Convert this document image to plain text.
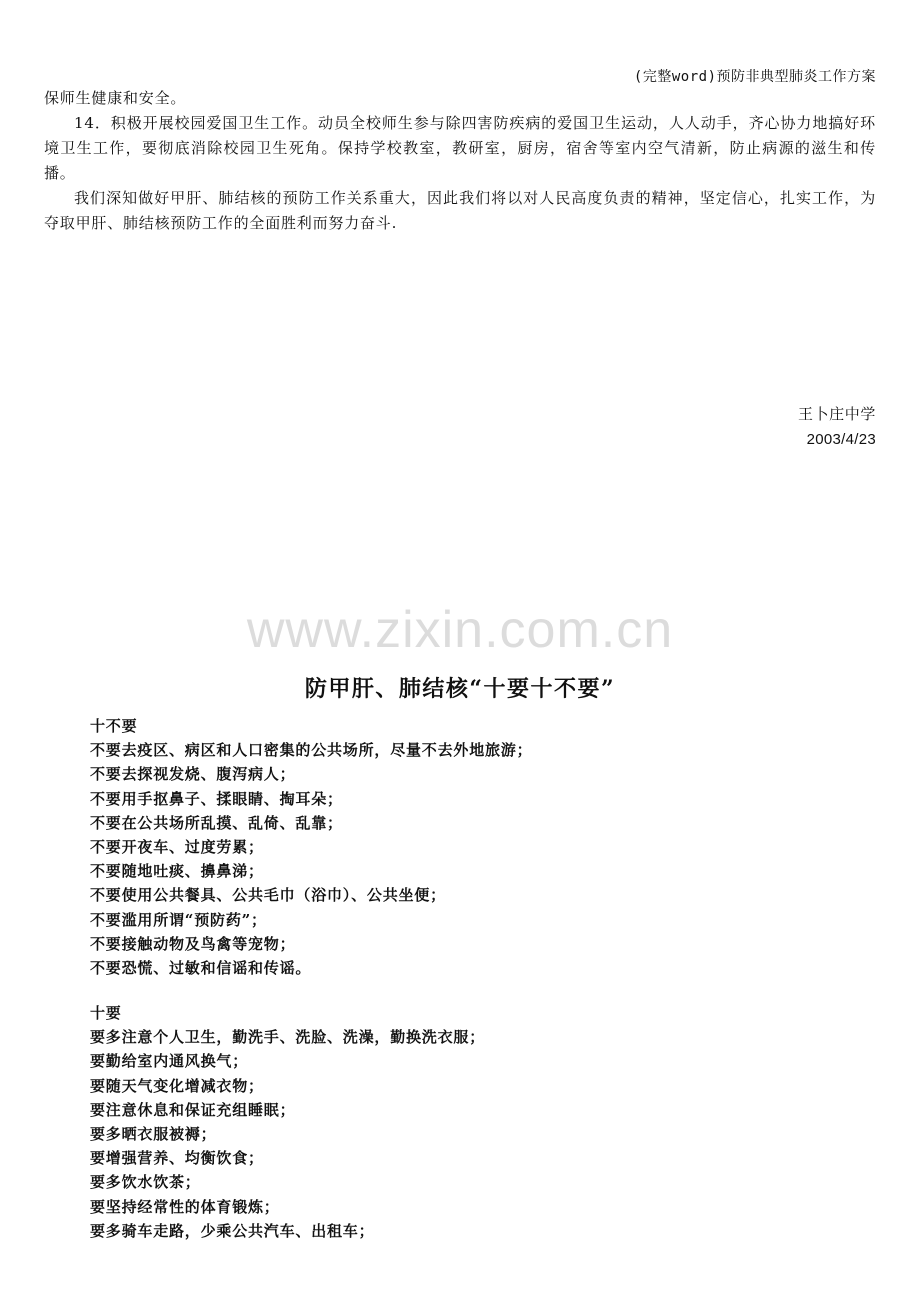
(完整word)预防非典型肺炎工作方案

保师生健康和安全。

14．积极开展校园爱国卫生工作。动员全校师生参与除四害防疾病的爱国卫生运动，人人动手，齐心协力地搞好环境卫生工作，要彻底消除校园卫生死角。保持学校教室，教研室，厨房，宿舍等室内空气清新，防止病源的滋生和传播。

我们深知做好甲肝、肺结核的预防工作关系重大，因此我们将以对人民高度负责的精神，坚定信心，扎实工作，为夺取甲肝、肺结核预防工作的全面胜利而努力奋斗.

王卜庄中学
2003/4/23
www.zixin.com.cn
防甲肝、肺结核“十要十不要”

十不要

不要去疫区、病区和人口密集的公共场所，尽量不去外地旅游；

不要去探视发烧、腹泻病人；

不要用手抠鼻子、揉眼睛、掏耳朵；

不要在公共场所乱摸、乱倚、乱靠；

不要开夜车、过度劳累；

不要随地吐痰、擤鼻涕；

不要使用公共餐具、公共毛巾（浴巾）、公共坐便；

不要滥用所谓“预防药”；

不要接触动物及鸟禽等宠物；

不要恐慌、过敏和信谣和传谣。

十要

要多注意个人卫生，勤洗手、洗脸、洗澡，勤换洗衣服；

要勤给室内通风换气；

要随天气变化增减衣物；

要注意休息和保证充组睡眠；

要多晒衣服被褥；

要增强营养、均衡饮食；

要多饮水饮茶；

要坚持经常性的体育锻炼；

要多骑车走路，少乘公共汽车、出租车；
